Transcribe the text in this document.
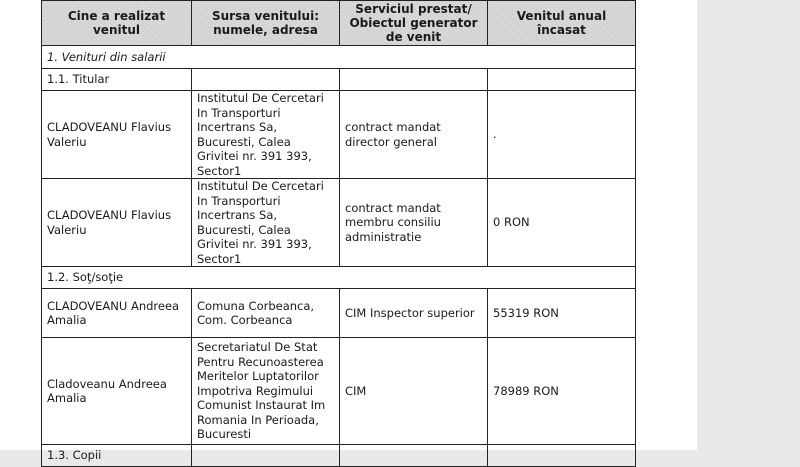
Cine a realizat venitul	Sursa venitului: numele, adresa	Serviciul prestat/ Obiectul generator de venit	Venitul anual încasat
1. Venituri din salarii			
1.1. Titular			
CLADOVEANU Flavius Valeriu	Institutul De Cercetari In Transporturi Incertrans Sa, Bucuresti, Calea Grivitei nr. 391 393, Sector1	contract mandat director general	.
CLADOVEANU Flavius Valeriu	Institutul De Cercetari In Transporturi Incertrans Sa, Bucuresti, Calea Grivitei nr. 391 393, Sector1	contract mandat membru consiliu administratie	0 RON
1.2. Soţ/soţie			
CLADOVEANU Andreea Amalia	Comuna Corbeanca, Com. Corbeanca	CIM Inspector superior	55319 RON
Cladoveanu Andreea Amalia	Secretariatul De Stat Pentru Recunoasterea Meritelor Luptatorilor Impotriva Regimului Comunist Instaurat Im Romania In Perioada, Bucuresti	CIM	78989 RON
1.3. Copii			
